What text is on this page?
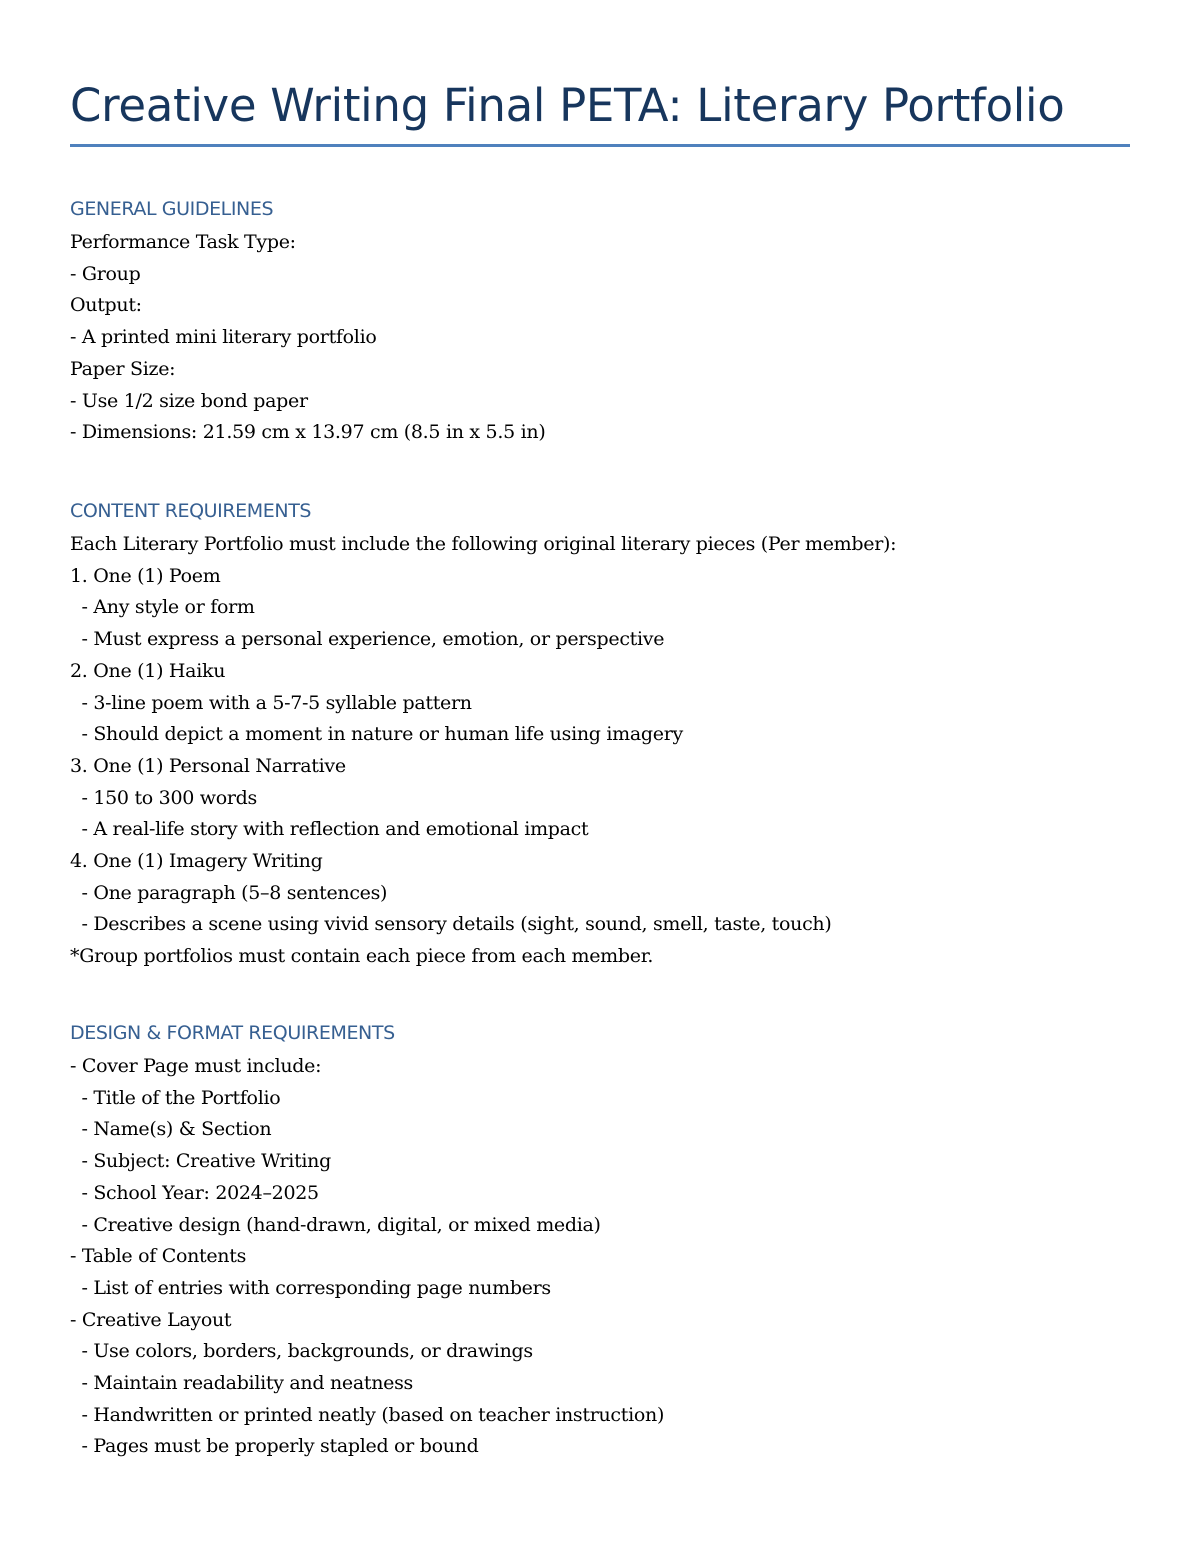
Creative Writing Final PETA: Literary Portfolio
GENERAL GUIDELINES
Performance Task Type:
- Group
Output:
- A printed mini literary portfolio
Paper Size:
- Use 1/2 size bond paper
- Dimensions: 21.59 cm x 13.97 cm (8.5 in x 5.5 in)
CONTENT REQUIREMENTS
Each Literary Portfolio must include the following original literary pieces (Per member):
1. One (1) Poem
- Any style or form
- Must express a personal experience, emotion, or perspective
2. One (1) Haiku
- 3-line poem with a 5-7-5 syllable pattern
- Should depict a moment in nature or human life using imagery
3. One (1) Personal Narrative
- 150 to 300 words
- A real-life story with reflection and emotional impact
4. One (1) Imagery Writing
- One paragraph (5–8 sentences)
- Describes a scene using vivid sensory details (sight, sound, smell, taste, touch)
*Group portfolios must contain each piece from each member.
DESIGN & FORMAT REQUIREMENTS
- Cover Page must include:
- Title of the Portfolio
- Name(s) & Section
- Subject: Creative Writing
- School Year: 2024–2025
- Creative design (hand-drawn, digital, or mixed media)
- Table of Contents
- List of entries with corresponding page numbers
- Creative Layout
- Use colors, borders, backgrounds, or drawings
- Maintain readability and neatness
- Handwritten or printed neatly (based on teacher instruction)
- Pages must be properly stapled or bound
